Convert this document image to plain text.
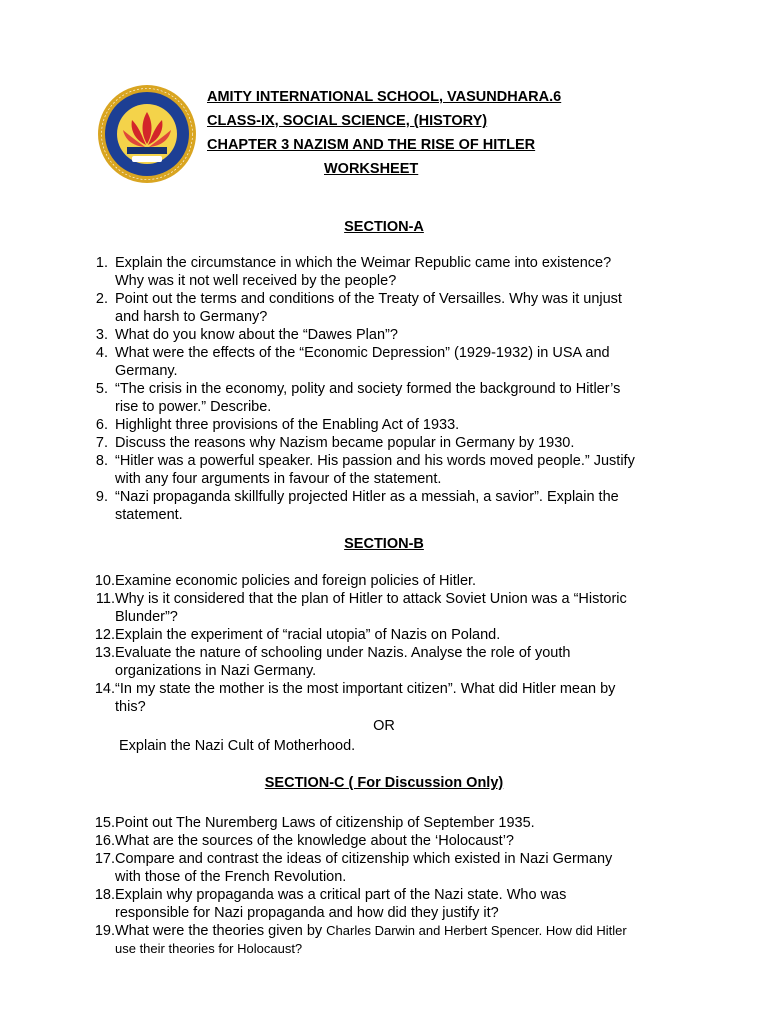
AMITY INTERNATIONAL SCHOOL, VASUNDHARA.6
CLASS-IX, SOCIAL SCIENCE, (HISTORY)
CHAPTER 3 NAZISM AND THE RISE OF HITLER
WORKSHEET
SECTION-A
1. Explain the circumstance in which the Weimar Republic came into existence?
Why was it not well received by the people?
2. Point out the terms and conditions of the Treaty of Versailles. Why was it unjust
and harsh to Germany?
3. What do you know about the “Dawes Plan”?
4. What were the effects of the “Economic Depression” (1929-1932) in USA and
Germany.
5. “The crisis in the economy, polity and society formed the background to Hitler’s
rise to power.” Describe.
6. Highlight three provisions of the Enabling Act of 1933.
7. Discuss the reasons why Nazism became popular in Germany by 1930.
8. “Hitler was a powerful speaker. His passion and his words moved people.” Justify
with any four arguments in favour of the statement.
9. “Nazi propaganda skillfully projected Hitler as a messiah, a savior”. Explain the
statement.
SECTION-B
10. Examine economic policies and foreign policies of Hitler.
11. Why is it considered that the plan of Hitler to attack Soviet Union was a “Historic
Blunder”?
12. Explain the experiment of “racial utopia” of Nazis on Poland.
13. Evaluate the nature of schooling under Nazis. Analyse the role of youth
organizations in Nazi Germany.
14. “In my state the mother is the most important citizen”. What did Hitler mean by
this?
OR
Explain the Nazi Cult of Motherhood.
SECTION-C ( For Discussion Only)
15. Point out The Nuremberg Laws of citizenship of September 1935.
16. What are the sources of the knowledge about the ‘Holocaust’?
17. Compare and contrast the ideas of citizenship which existed in Nazi Germany
with those of the French Revolution.
18. Explain why propaganda was a critical part of the Nazi state. Who was
responsible for Nazi propaganda and how did they justify it?
19. What were the theories given by Charles Darwin and Herbert Spencer. How did Hitler
use their theories for Holocaust?
